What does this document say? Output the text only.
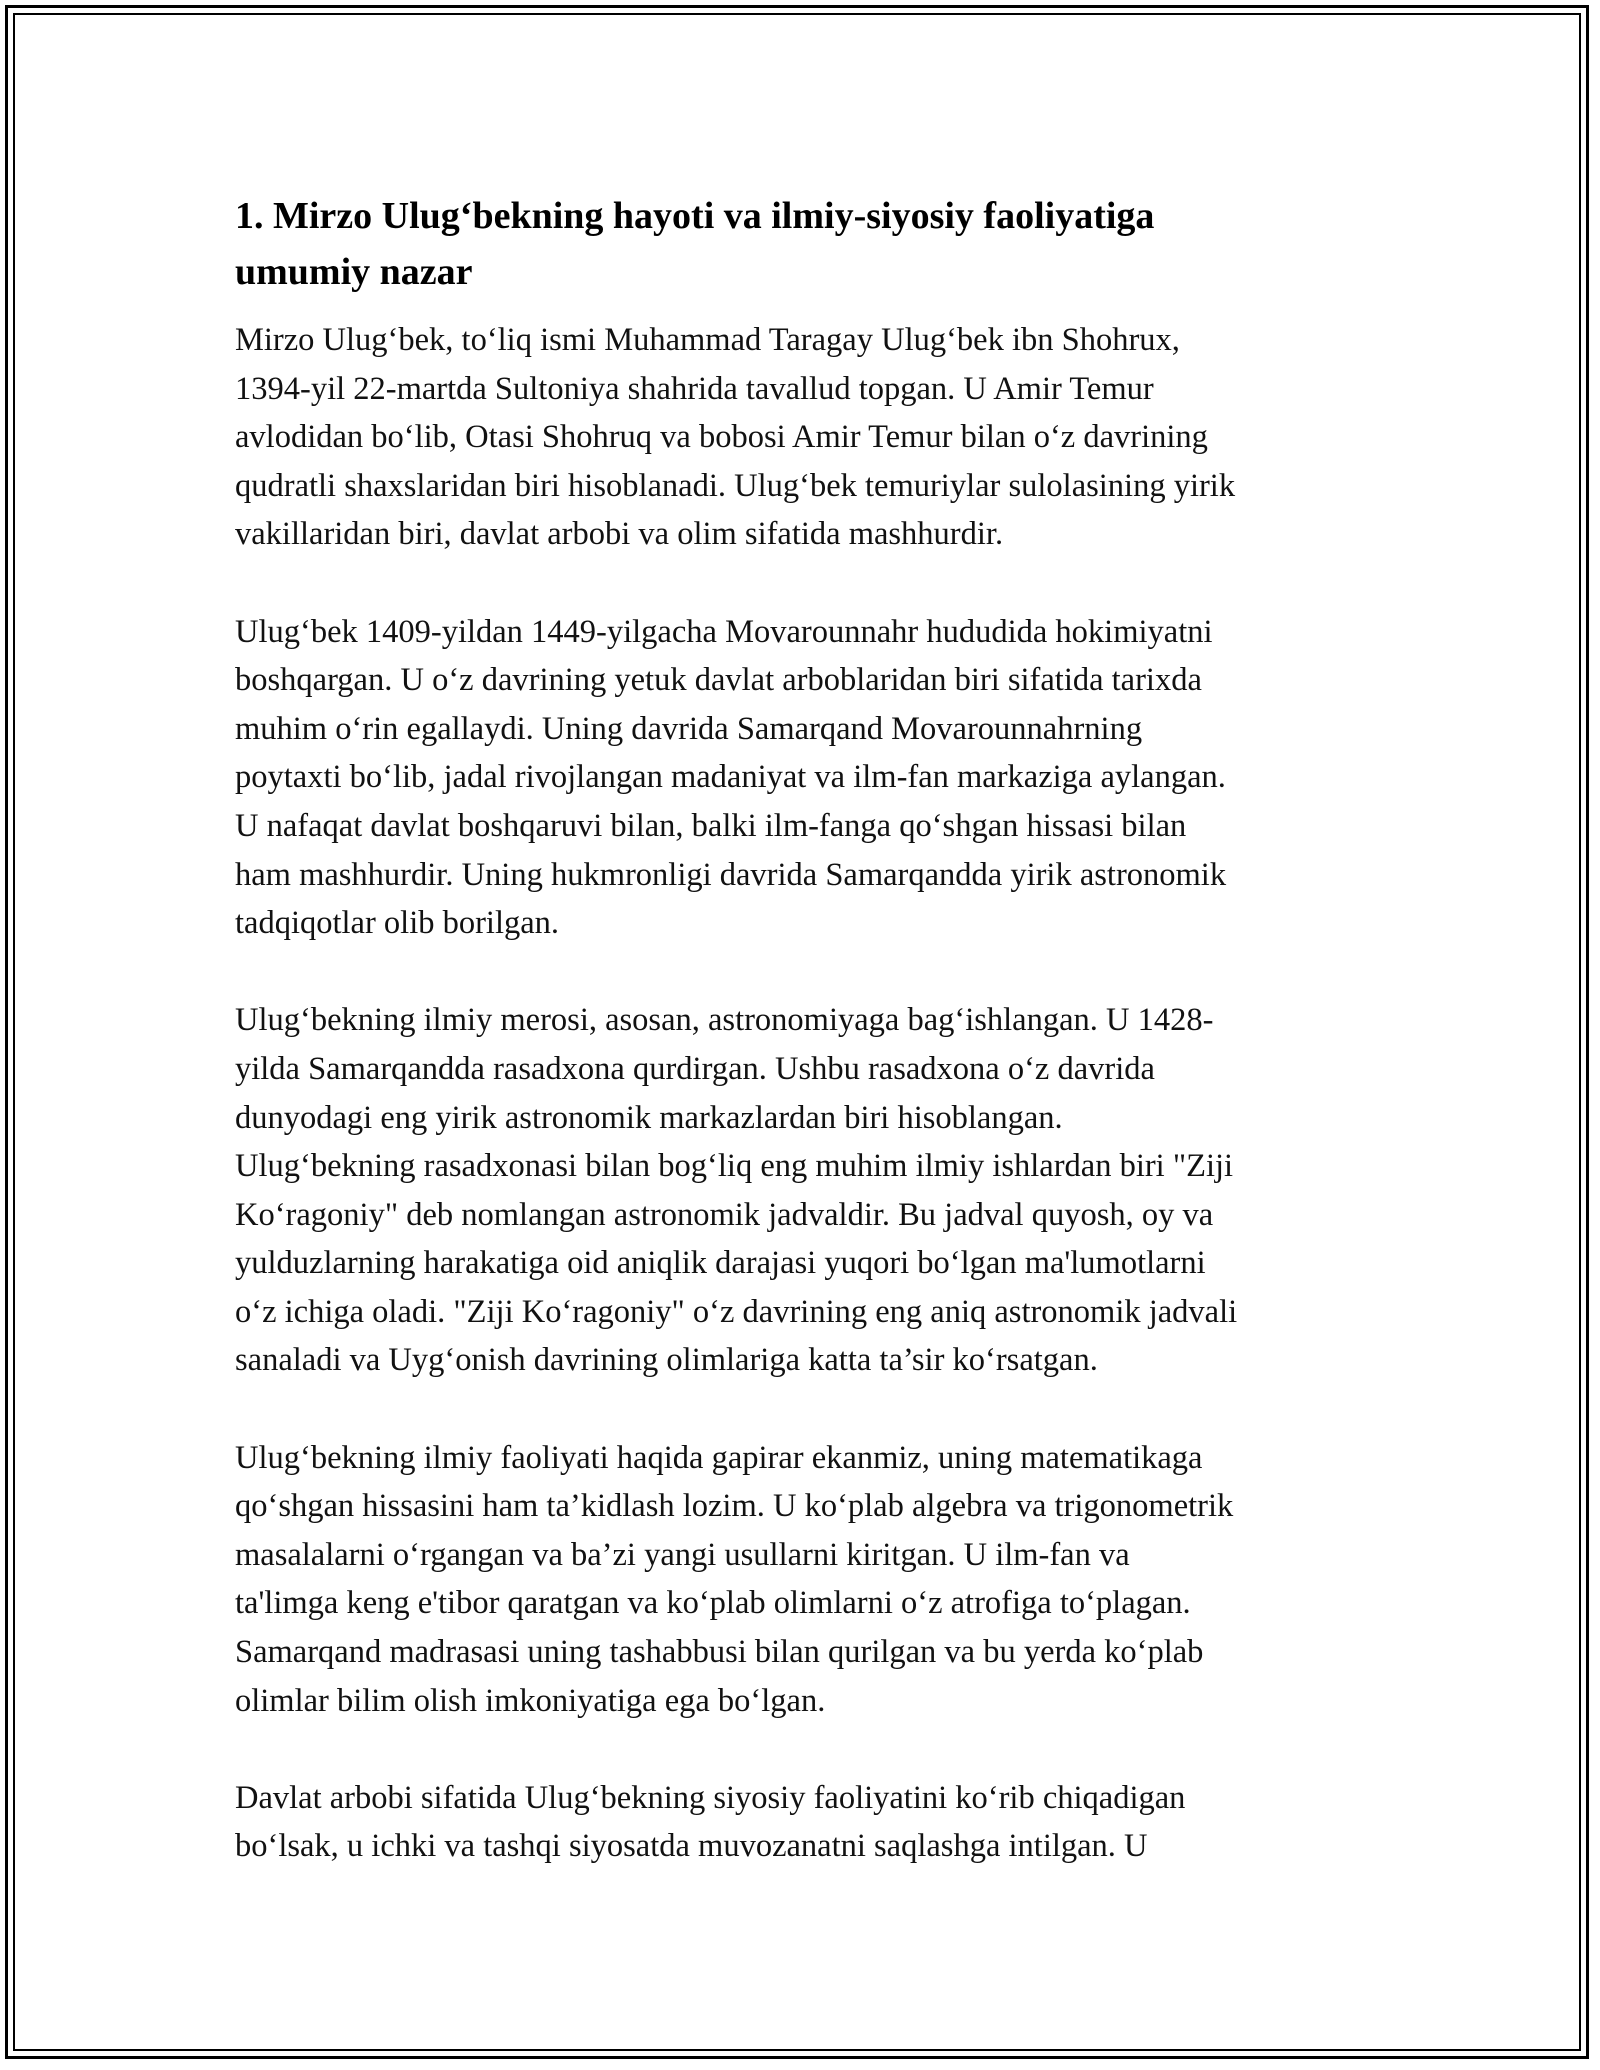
1. Mirzo Ulug‘bekning hayoti va ilmiy-siyosiy faoliyatiga
umumiy nazar

Mirzo Ulug‘bek, to‘liq ismi Muhammad Taragay Ulug‘bek ibn Shohrux,
1394-yil 22-martda Sultoniya shahrida tavallud topgan. U Amir Temur
avlodidan bo‘lib, Otasi Shohruq va bobosi Amir Temur bilan o‘z davrining
qudratli shaxslaridan biri hisoblanadi. Ulug‘bek temuriylar sulolasining yirik
vakillaridan biri, davlat arbobi va olim sifatida mashhurdir.

Ulug‘bek 1409-yildan 1449-yilgacha Movarounnahr hududida hokimiyatni
boshqargan. U o‘z davrining yetuk davlat arboblaridan biri sifatida tarixda
muhim o‘rin egallaydi. Uning davrida Samarqand Movarounnahrning
poytaxti bo‘lib, jadal rivojlangan madaniyat va ilm-fan markaziga aylangan.
U nafaqat davlat boshqaruvi bilan, balki ilm-fanga qo‘shgan hissasi bilan
ham mashhurdir. Uning hukmronligi davrida Samarqandda yirik astronomik
tadqiqotlar olib borilgan.

Ulug‘bekning ilmiy merosi, asosan, astronomiyaga bag‘ishlangan. U 1428-
yilda Samarqandda rasadxona qurdirgan. Ushbu rasadxona o‘z davrida
dunyodagi eng yirik astronomik markazlardan biri hisoblangan.
Ulug‘bekning rasadxonasi bilan bog‘liq eng muhim ilmiy ishlardan biri "Ziji
Ko‘ragoniy" deb nomlangan astronomik jadvaldir. Bu jadval quyosh, oy va
yulduzlarning harakatiga oid aniqlik darajasi yuqori bo‘lgan ma'lumotlarni
o‘z ichiga oladi. "Ziji Ko‘ragoniy" o‘z davrining eng aniq astronomik jadvali
sanaladi va Uyg‘onish davrining olimlariga katta ta’sir ko‘rsatgan.

Ulug‘bekning ilmiy faoliyati haqida gapirar ekanmiz, uning matematikaga
qo‘shgan hissasini ham ta’kidlash lozim. U ko‘plab algebra va trigonometrik
masalalarni o‘rgangan va ba’zi yangi usullarni kiritgan. U ilm-fan va
ta'limga keng e'tibor qaratgan va ko‘plab olimlarni o‘z atrofiga to‘plagan.
Samarqand madrasasi uning tashabbusi bilan qurilgan va bu yerda ko‘plab
olimlar bilim olish imkoniyatiga ega bo‘lgan.

Davlat arbobi sifatida Ulug‘bekning siyosiy faoliyatini ko‘rib chiqadigan
bo‘lsak, u ichki va tashqi siyosatda muvozanatni saqlashga intilgan. U
